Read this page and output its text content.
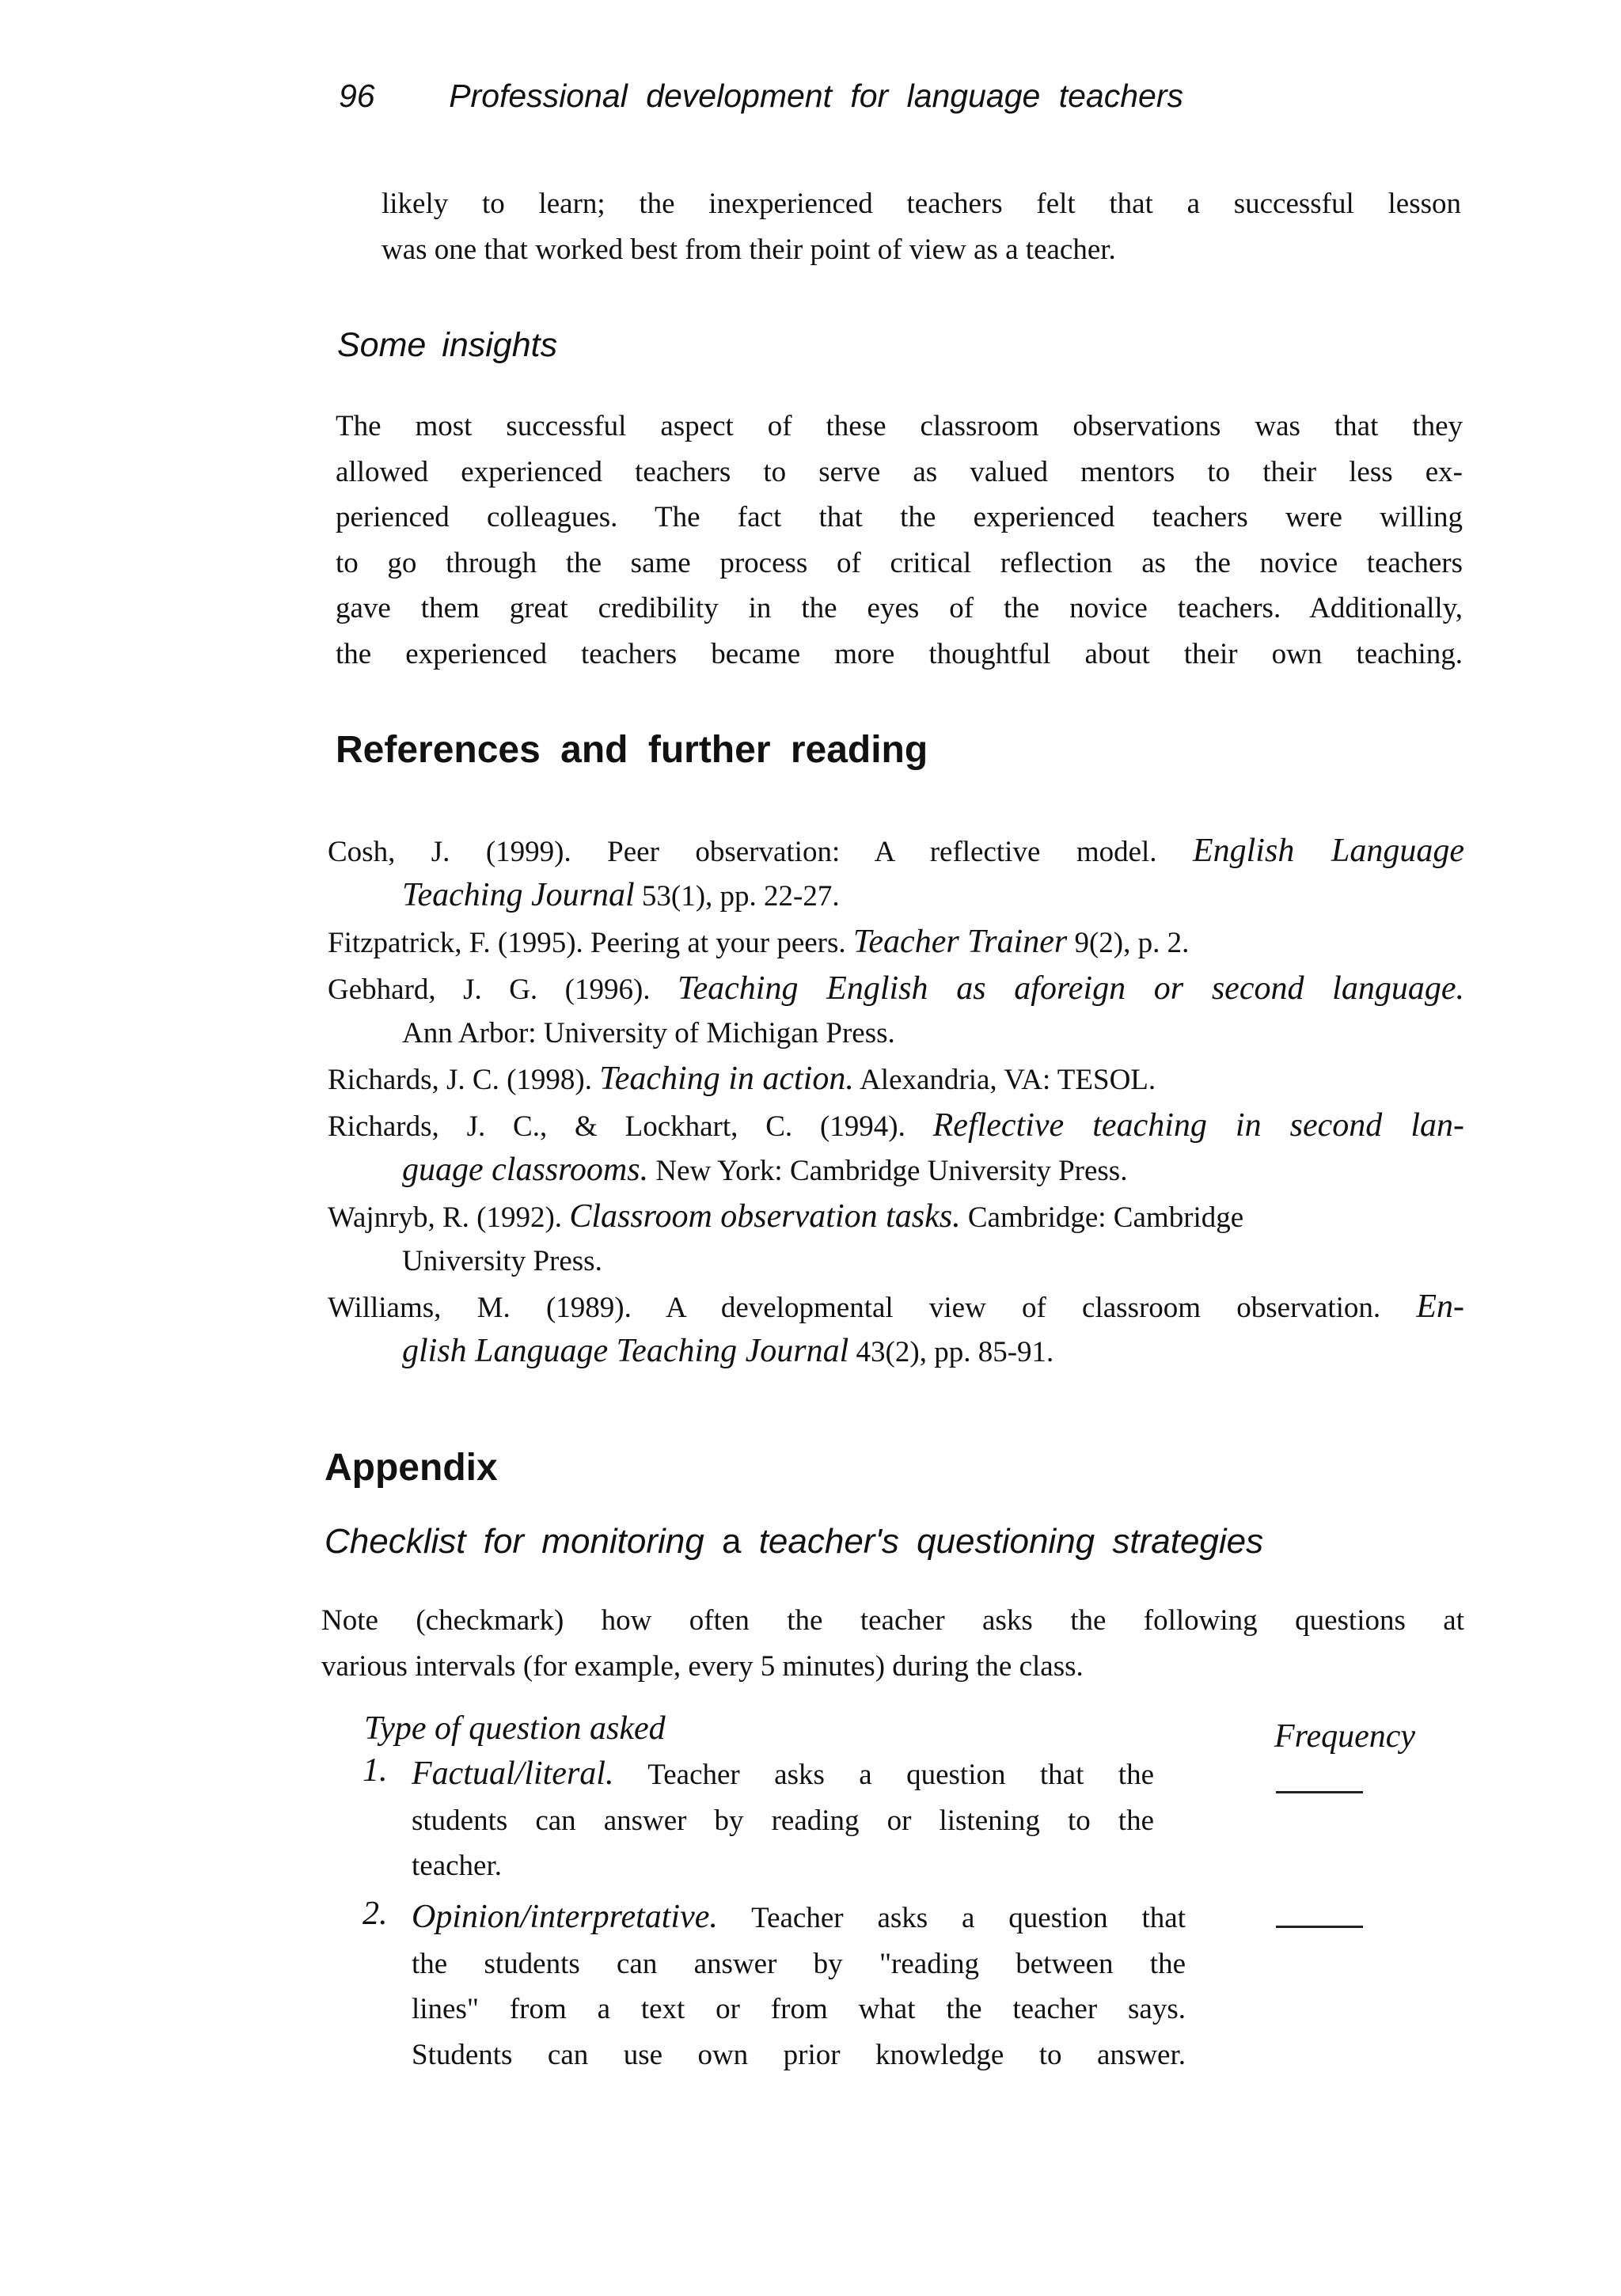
96 Professional development for language teachers
likely to learn; the inexperienced teachers felt that a successful lesson
was one that worked best from their point of view as a teacher.
Some insights
The most successful aspect of these classroom observations was that they
allowed experienced teachers to serve as valued mentors to their less ex-
perienced colleagues. The fact that the experienced teachers were willing
to go through the same process of critical reflection as the novice teachers
gave them great credibility in the eyes of the novice teachers. Additionally,
the experienced teachers became more thoughtful about their own teaching.
References and further reading
Cosh, J. (1999). Peer observation: A reflective model. English Language
Teaching Journal 53(1), pp. 22-27.
Fitzpatrick, F. (1995). Peering at your peers. Teacher Trainer 9(2), p. 2.
Gebhard, J. G. (1996). Teaching English as aforeign or second language.
Ann Arbor: University of Michigan Press.
Richards, J. C. (1998). Teaching in action. Alexandria, VA: TESOL.
Richards, J. C., & Lockhart, C. (1994). Reflective teaching in second lan-
guage classrooms. New York: Cambridge University Press.
Wajnryb, R. (1992). Classroom observation tasks. Cambridge: Cambridge
University Press.
Williams, M. (1989). A developmental view of classroom observation. En-
glish Language Teaching Journal 43(2), pp. 85-91.
Appendix
Checklist for monitoring a teacher's questioning strategies
Note (checkmark) how often the teacher asks the following questions at
various intervals (for example, every 5 minutes) during the class.
Type of question asked	Frequency
1. Factual/literal. Teacher asks a question that the
students can answer by reading or listening to the
teacher.
2. Opinion/interpretative. Teacher asks a question that
the students can answer by "reading between the
lines" from a text or from what the teacher says.
Students can use own prior knowledge to answer.
